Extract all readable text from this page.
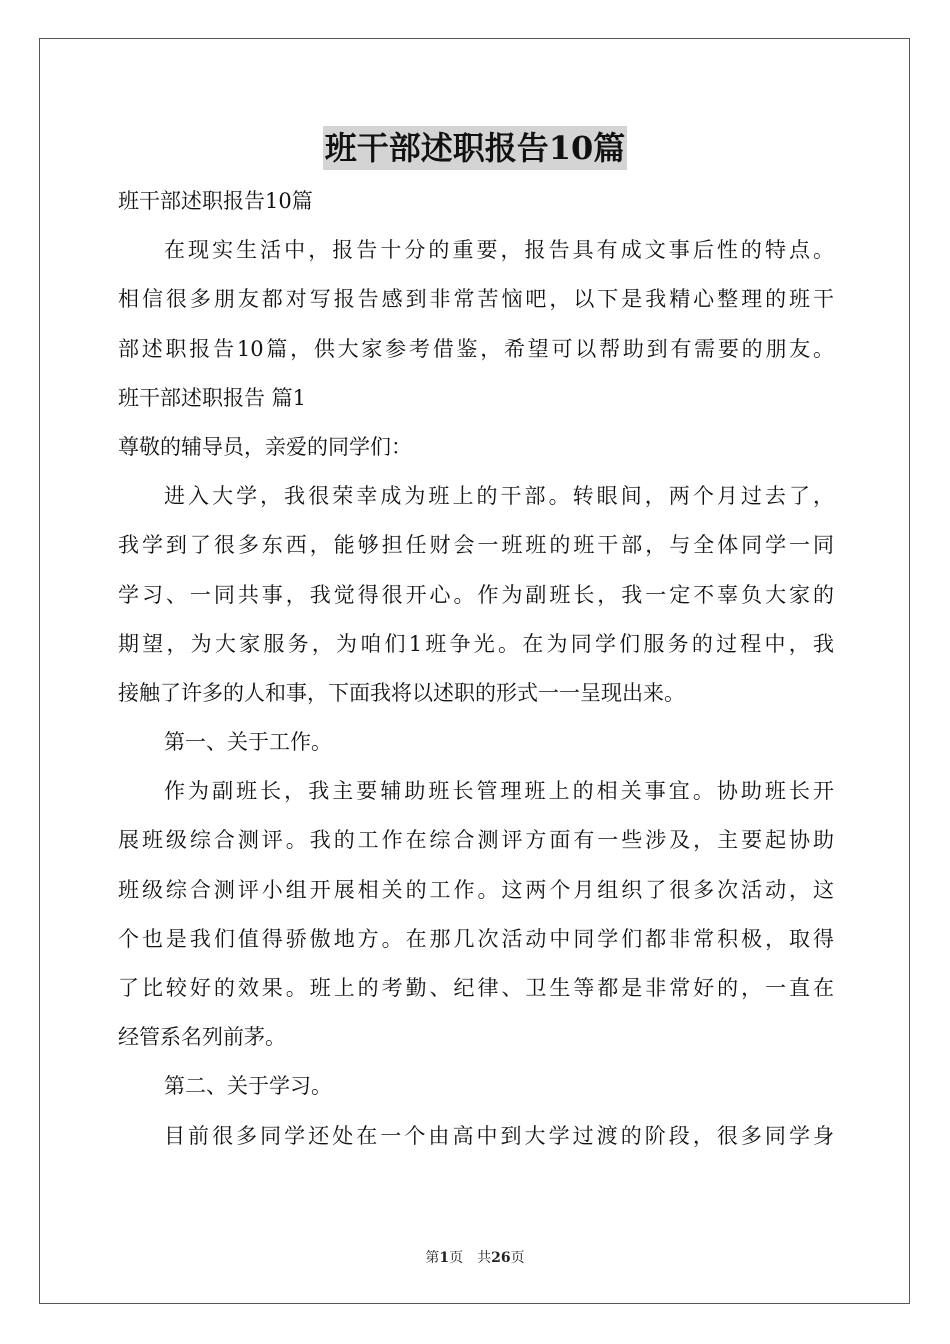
班干部述职报告10篇
班干部述职报告10篇
在现实生活中，报告十分的重要，报告具有成文事后性的特点。
相信很多朋友都对写报告感到非常苦恼吧，以下是我精心整理的班干
部述职报告10篇，供大家参考借鉴，希望可以帮助到有需要的朋友。
班干部述职报告 篇1
尊敬的辅导员，亲爱的同学们：
进入大学，我很荣幸成为班上的干部。转眼间，两个月过去了，
我学到了很多东西，能够担任财会一班班的班干部，与全体同学一同
学习、一同共事，我觉得很开心。作为副班长，我一定不辜负大家的
期望，为大家服务，为咱们1班争光。在为同学们服务的过程中，我
接触了许多的人和事，下面我将以述职的形式一一呈现出来。
第一、关于工作。
作为副班长，我主要辅助班长管理班上的相关事宜。协助班长开
展班级综合测评。我的工作在综合测评方面有一些涉及，主要起协助
班级综合测评小组开展相关的工作。这两个月组织了很多次活动，这
个也是我们值得骄傲地方。在那几次活动中同学们都非常积极，取得
了比较好的效果。班上的考勤、纪律、卫生等都是非常好的，一直在
经管系名列前茅。
第二、关于学习。
目前很多同学还处在一个由高中到大学过渡的阶段，很多同学身
第1页　共26页
